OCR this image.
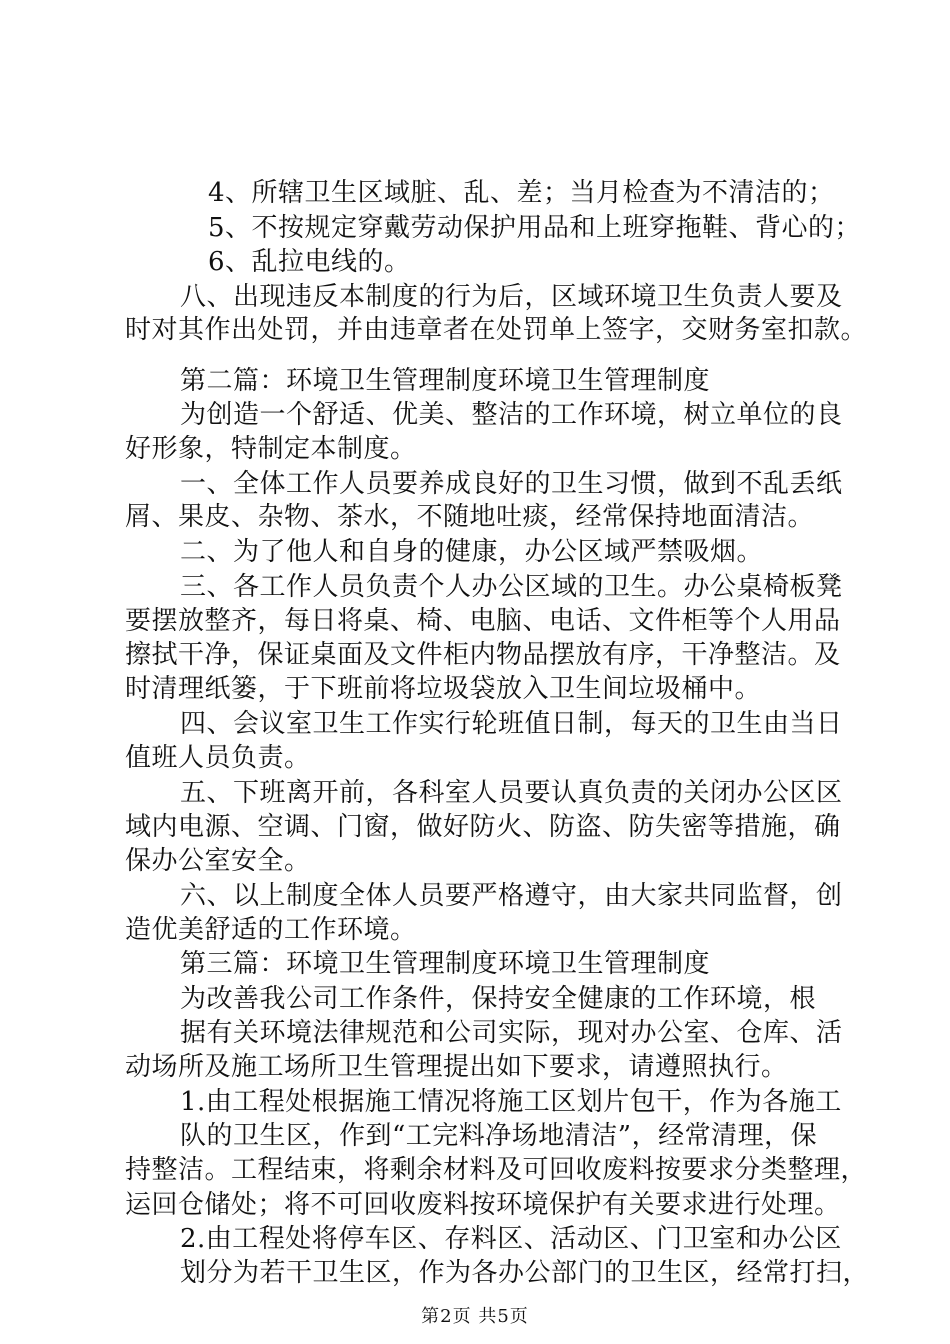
4、所辖卫生区域脏、乱、差；当月检查为不清洁的；
5、不按规定穿戴劳动保护用品和上班穿拖鞋、背心的；
6、乱拉电线的。
八、出现违反本制度的行为后，区域环境卫生负责人要及
时对其作出处罚，并由违章者在处罚单上签字，交财务室扣款。
第二篇：环境卫生管理制度环境卫生管理制度
为创造一个舒适、优美、整洁的工作环境，树立单位的良
好形象，特制定本制度。
一、全体工作人员要养成良好的卫生习惯，做到不乱丢纸
屑、果皮、杂物、茶水，不随地吐痰，经常保持地面清洁。
二、为了他人和自身的健康，办公区域严禁吸烟。
三、各工作人员负责个人办公区域的卫生。办公桌椅板凳
要摆放整齐，每日将桌、椅、电脑、电话、文件柜等个人用品
擦拭干净，保证桌面及文件柜内物品摆放有序，干净整洁。及
时清理纸篓，于下班前将垃圾袋放入卫生间垃圾桶中。
四、会议室卫生工作实行轮班值日制，每天的卫生由当日
值班人员负责。
五、下班离开前，各科室人员要认真负责的关闭办公区区
域内电源、空调、门窗，做好防火、防盗、防失密等措施，确
保办公室安全。
六、以上制度全体人员要严格遵守，由大家共同监督，创
造优美舒适的工作环境。
第三篇：环境卫生管理制度环境卫生管理制度
为改善我公司工作条件，保持安全健康的工作环境，根
据有关环境法律规范和公司实际，现对办公室、仓库、活
动场所及施工场所卫生管理提出如下要求，请遵照执行。
1.由工程处根据施工情况将施工区划片包干，作为各施工
队的卫生区，作到“工完料净场地清洁”，经常清理，保
持整洁。工程结束，将剩余材料及可回收废料按要求分类整理，
运回仓储处；将不可回收废料按环境保护有关要求进行处理。
2.由工程处将停车区、存料区、活动区、门卫室和办公区
划分为若干卫生区，作为各办公部门的卫生区，经常打扫，
第2页 共5页
